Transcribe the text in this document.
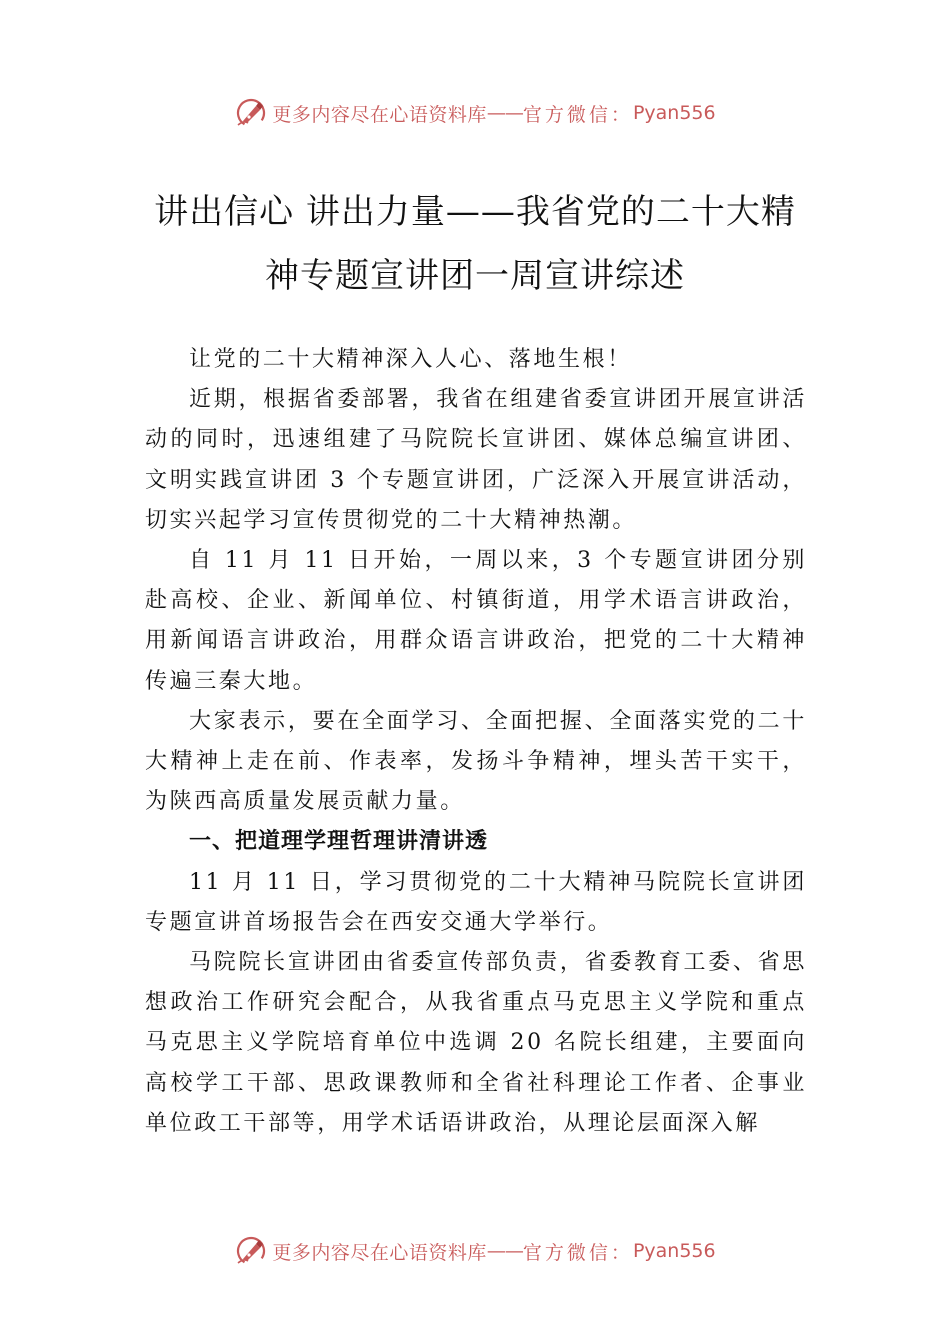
更多内容尽在心语资料库 —— 官方微信： Pyan556
讲出信心 讲出力量——我省党的二十大精
神专题宣讲团一周宣讲综述

让党的二十大精神深入人心、落地生根！

近期，根据省委部署，我省在组建省委宣讲团开展宣讲活动的同时，迅速组建了马院院长宣讲团、媒体总编宣讲团、文明实践宣讲团 3 个专题宣讲团，广泛深入开展宣讲活动，切实兴起学习宣传贯彻党的二十大精神热潮。

自 11 月 11 日开始，一周以来，3 个专题宣讲团分别赴高校、企业、新闻单位、村镇街道，用学术语言讲政治，用新闻语言讲政治，用群众语言讲政治，把党的二十大精神传遍三秦大地。

大家表示，要在全面学习、全面把握、全面落实党的二十大精神上走在前、作表率，发扬斗争精神，埋头苦干实干，为陕西高质量发展贡献力量。

一、把道理学理哲理讲清讲透

11 月 11 日，学习贯彻党的二十大精神马院院长宣讲团专题宣讲首场报告会在西安交通大学举行。

马院院长宣讲团由省委宣传部负责，省委教育工委、省思想政治工作研究会配合，从我省重点马克思主义学院和重点马克思主义学院培育单位中选调 20 名院长组建，主要面向高校学工干部、思政课教师和全省社科理论工作者、企事业单位政工干部等，用学术话语讲政治，从理论层面深入解

更多内容尽在心语资料库 —— 官方微信： Pyan556
